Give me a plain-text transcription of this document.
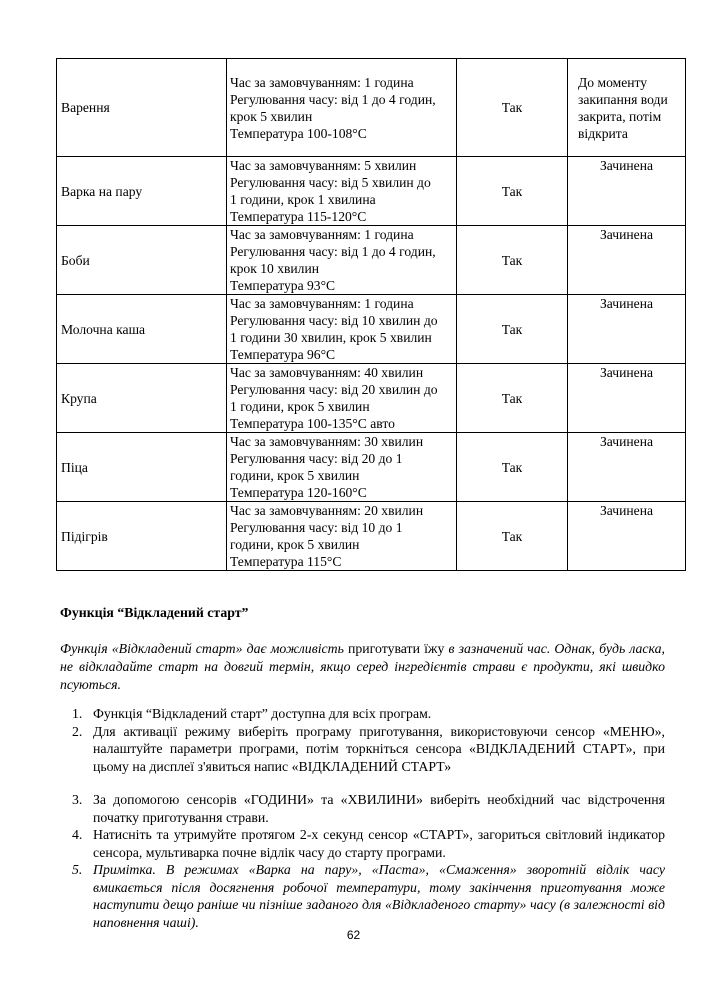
Варення	Час за замовчуванням: 1 година
Регулювання часу: від 1 до 4 годин,
крок 5 хвилин
Температура 100-108°С	Так	До моменту
закипання води
закрита, потім
відкрита

Варка на пару	Час за замовчуванням: 5 хвилин
Регулювання часу: від 5 хвилин до
1 години, крок 1 хвилина
Температура 115-120°С	Так	Зачинена
Боби	Час за замовчуванням: 1 година
Регулювання часу: від 1 до 4 годин,
крок 10 хвилин
Температура 93°С	Так	Зачинена
Молочна каша	Час за замовчуванням: 1 година
Регулювання часу: від 10 хвилин до
1 години 30 хвилин, крок 5 хвилин
Температура 96°С	Так	Зачинена
Крупа	Час за замовчуванням: 40 хвилин
Регулювання часу: від 20 хвилин до
1 години, крок 5 хвилин
Температура 100-135°С авто	Так	Зачинена
Піца	Час за замовчуванням: 30 хвилин
Регулювання часу: від 20 до 1
години, крок 5 хвилин
Температура 120-160°С	Так	Зачинена
Підігрів	Час за замовчуванням: 20 хвилин
Регулювання часу: від 10 до 1
години, крок 5 хвилин
Температура 115°С	Так	Зачинена
Функція “Відкладений старт”
Функція «Відкладений старт» дає можливість приготувати їжу в зазначений час. Однак, будь ласка, не відкладайте старт на довгий термін, якщо серед інгредієнтів страви є продукти, які швидко псуються.
1. Функція “Відкладений старт” доступна для всіх програм.
2. Для активації режиму виберіть програму приготування, використовуючи сенсор «МЕНЮ», налаштуйте параметри програми, потім торкніться сенсора «ВІДКЛАДЕНИЙ СТАРТ», при цьому на дисплеї з'явиться напис «ВІДКЛАДЕНИЙ СТАРТ»
3. За допомогою сенсорів «ГОДИНИ» та «ХВИЛИНИ» виберіть необхідний час відстрочення початку приготування страви.
4. Натисніть та утримуйте протягом 2-х секунд сенсор «СТАРТ», загориться світловий індикатор сенсора, мультиварка почне відлік часу до старту програми.
5. Примітка. В режимах «Варка на пару», «Паста», «Смаження» зворотній відлік часу вмикається після досягнення робочої температури, тому закінчення приготування може наступити дещо раніше чи пізніше заданого для «Відкладеного старту» часу (в залежності від наповнення чаші).
62
